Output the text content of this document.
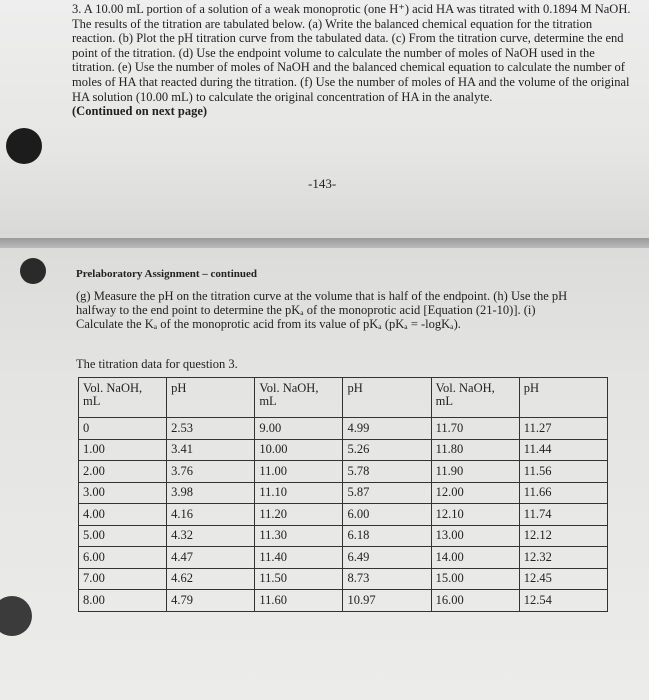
3. A 10.00 mL portion of a solution of a weak monoprotic (one H⁺) acid HA was titrated with 0.1894 M NaOH. The results of the titration are tabulated below. (a) Write the balanced chemical equation for the titration reaction. (b) Plot the pH titration curve from the tabulated data. (c) From the titration curve, determine the end point of the titration. (d) Use the endpoint volume to calculate the number of moles of NaOH used in the titration. (e) Use the number of moles of NaOH and the balanced chemical equation to calculate the number of moles of HA that reacted during the titration. (f) Use the number of moles of HA and the volume of the original HA solution (10.00 mL) to calculate the original concentration of HA in the analyte.
(Continued on next page)
-143-
Prelaboratory Assignment – continued
(g) Measure the pH on the titration curve at the volume that is half of the endpoint. (h) Use the pH halfway to the end point to determine the pKₐ of the monoprotic acid [Equation (21-10)]. (i) Calculate the Kₐ of the monoprotic acid from its value of pKₐ (pKₐ = -logKₐ).
The titration data for question 3.
Vol. NaOH, mL	pH	Vol. NaOH, mL	pH	Vol. NaOH, mL	pH
0	2.53	9.00	4.99	11.70	11.27
1.00	3.41	10.00	5.26	11.80	11.44
2.00	3.76	11.00	5.78	11.90	11.56
3.00	3.98	11.10	5.87	12.00	11.66
4.00	4.16	11.20	6.00	12.10	11.74
5.00	4.32	11.30	6.18	13.00	12.12
6.00	4.47	11.40	6.49	14.00	12.32
7.00	4.62	11.50	8.73	15.00	12.45
8.00	4.79	11.60	10.97	16.00	12.54
